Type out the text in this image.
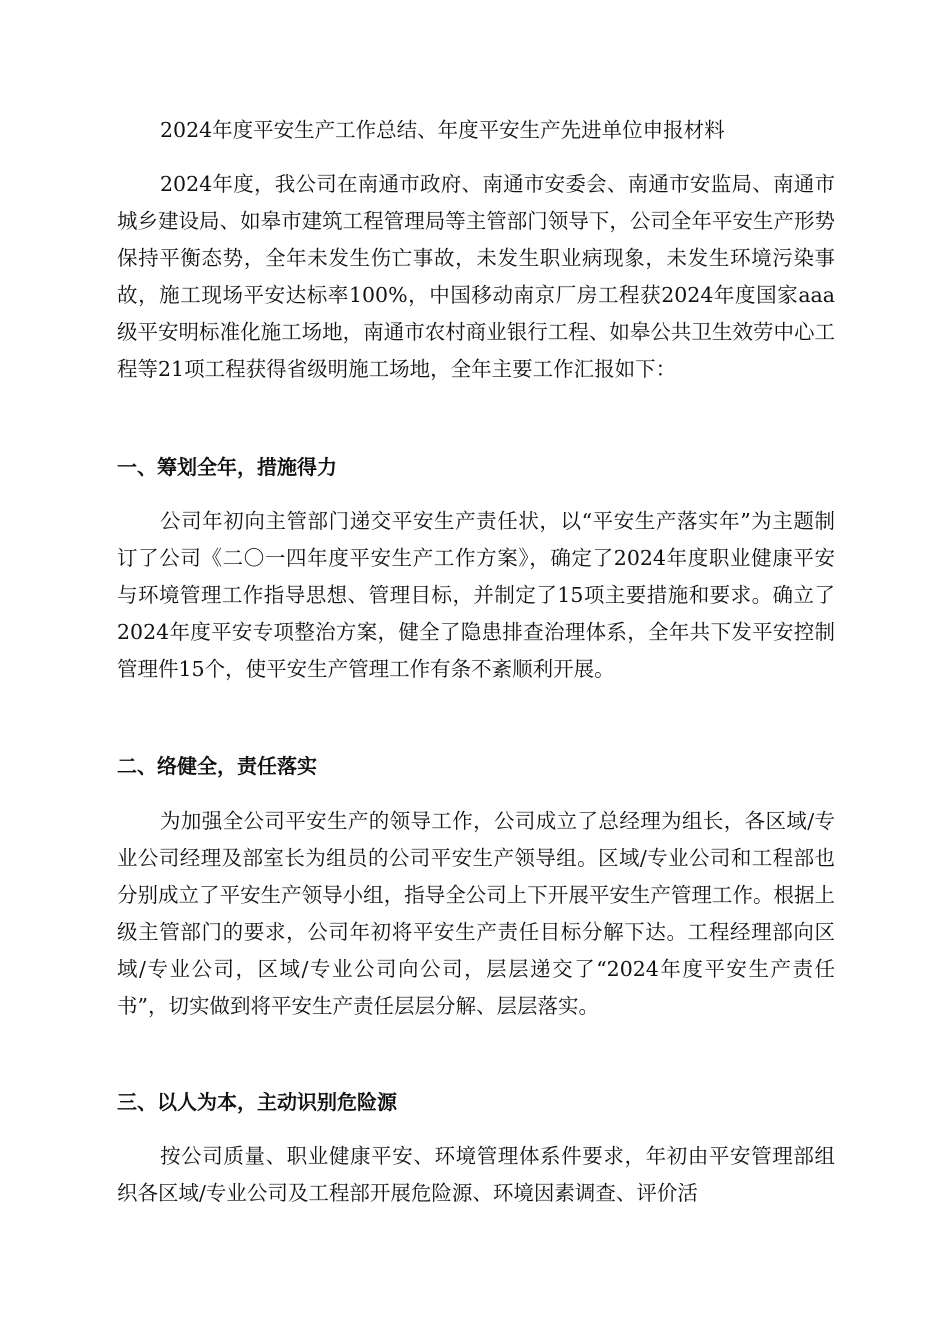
2024年度平安生产工作总结、年度平安生产先进单位申报材料

2024年度，我公司在南通市政府、南通市安委会、南通市安监局、南通市城乡建设局、如皋市建筑工程管理局等主管部门领导下，公司全年平安生产形势保持平衡态势，全年未发生伤亡事故，未发生职业病现象，未发生环境污染事故，施工现场平安达标率100%，中国移动南京厂房工程获2024年度国家aaa级平安明标准化施工场地，南通市农村商业银行工程、如皋公共卫生效劳中心工程等21项工程获得省级明施工场地，全年主要工作汇报如下：

一、筹划全年，措施得力

公司年初向主管部门递交平安生产责任状，以“平安生产落实年”为主题制订了公司《二〇一四年度平安生产工作方案》，确定了2024年度职业健康平安与环境管理工作指导思想、管理目标，并制定了15项主要措施和要求。确立了2024年度平安专项整治方案，健全了隐患排查治理体系，全年共下发平安控制管理件15个，使平安生产管理工作有条不紊顺利开展。

二、络健全，责任落实

为加强全公司平安生产的领导工作，公司成立了总经理为组长，各区域/专业公司经理及部室长为组员的公司平安生产领导组。区域/专业公司和工程部也分别成立了平安生产领导小组，指导全公司上下开展平安生产管理工作。根据上级主管部门的要求，公司年初将平安生产责任目标分解下达。工程经理部向区域/专业公司，区域/专业公司向公司，层层递交了“2024年度平安生产责任书”，切实做到将平安生产责任层层分解、层层落实。

三、以人为本，主动识别危险源

按公司质量、职业健康平安、环境管理体系件要求，年初由平安管理部组织各区域/专业公司及工程部开展危险源、环境因素调查、评价活
